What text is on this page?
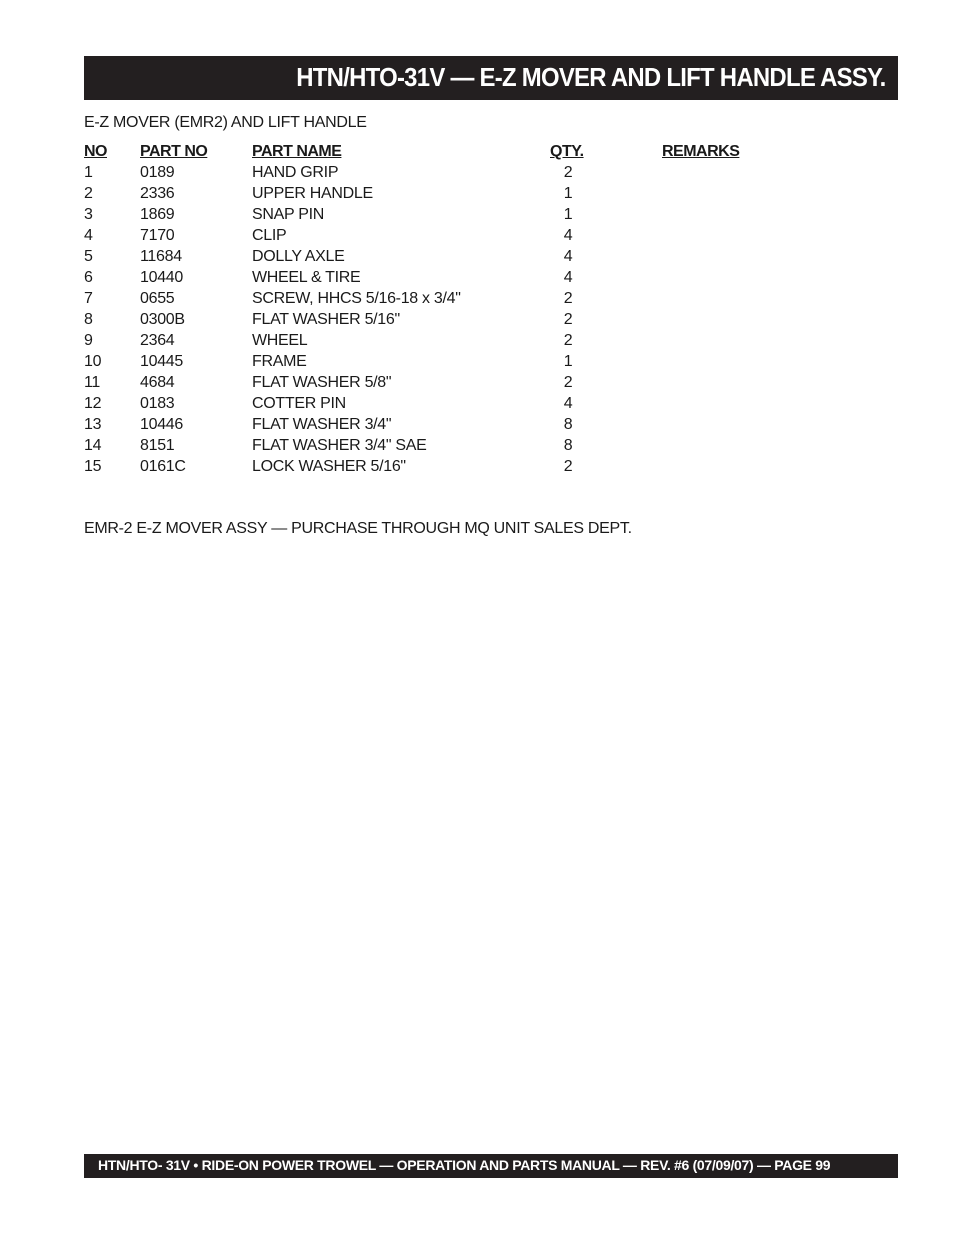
HTN/HTO-31V — E-Z MOVER AND LIFT HANDLE ASSY.
E-Z MOVER (EMR2) AND LIFT HANDLE
NO PART NO	PART NAME	QTY.	REMARKS
1	0189	HAND GRIP	2
2	2336	UPPER HANDLE	1
3	1869	SNAP PIN	1
4	7170	CLIP	4
5	11684	DOLLY AXLE	4
6	10440	WHEEL & TIRE	4
7	0655	SCREW, HHCS 5/16-18 x 3/4"	2
8	0300B	FLAT WASHER 5/16"	2
9	2364	WHEEL	2
10 10445	FRAME	1
11 4684	FLAT WASHER 5/8"	2
12 0183	COTTER PIN	4
13 10446	FLAT WASHER 3/4"	8
14 8151	FLAT WASHER 3/4" SAE	8
15 0161C	LOCK WASHER 5/16"	2
EMR-2 E-Z MOVER ASSY — PURCHASE THROUGH MQ UNIT SALES DEPT.
HTN/HTO- 31V • RIDE-ON POWER TROWEL — OPERATION AND PARTS MANUAL — REV. #6 (07/09/07) — PAGE 99
